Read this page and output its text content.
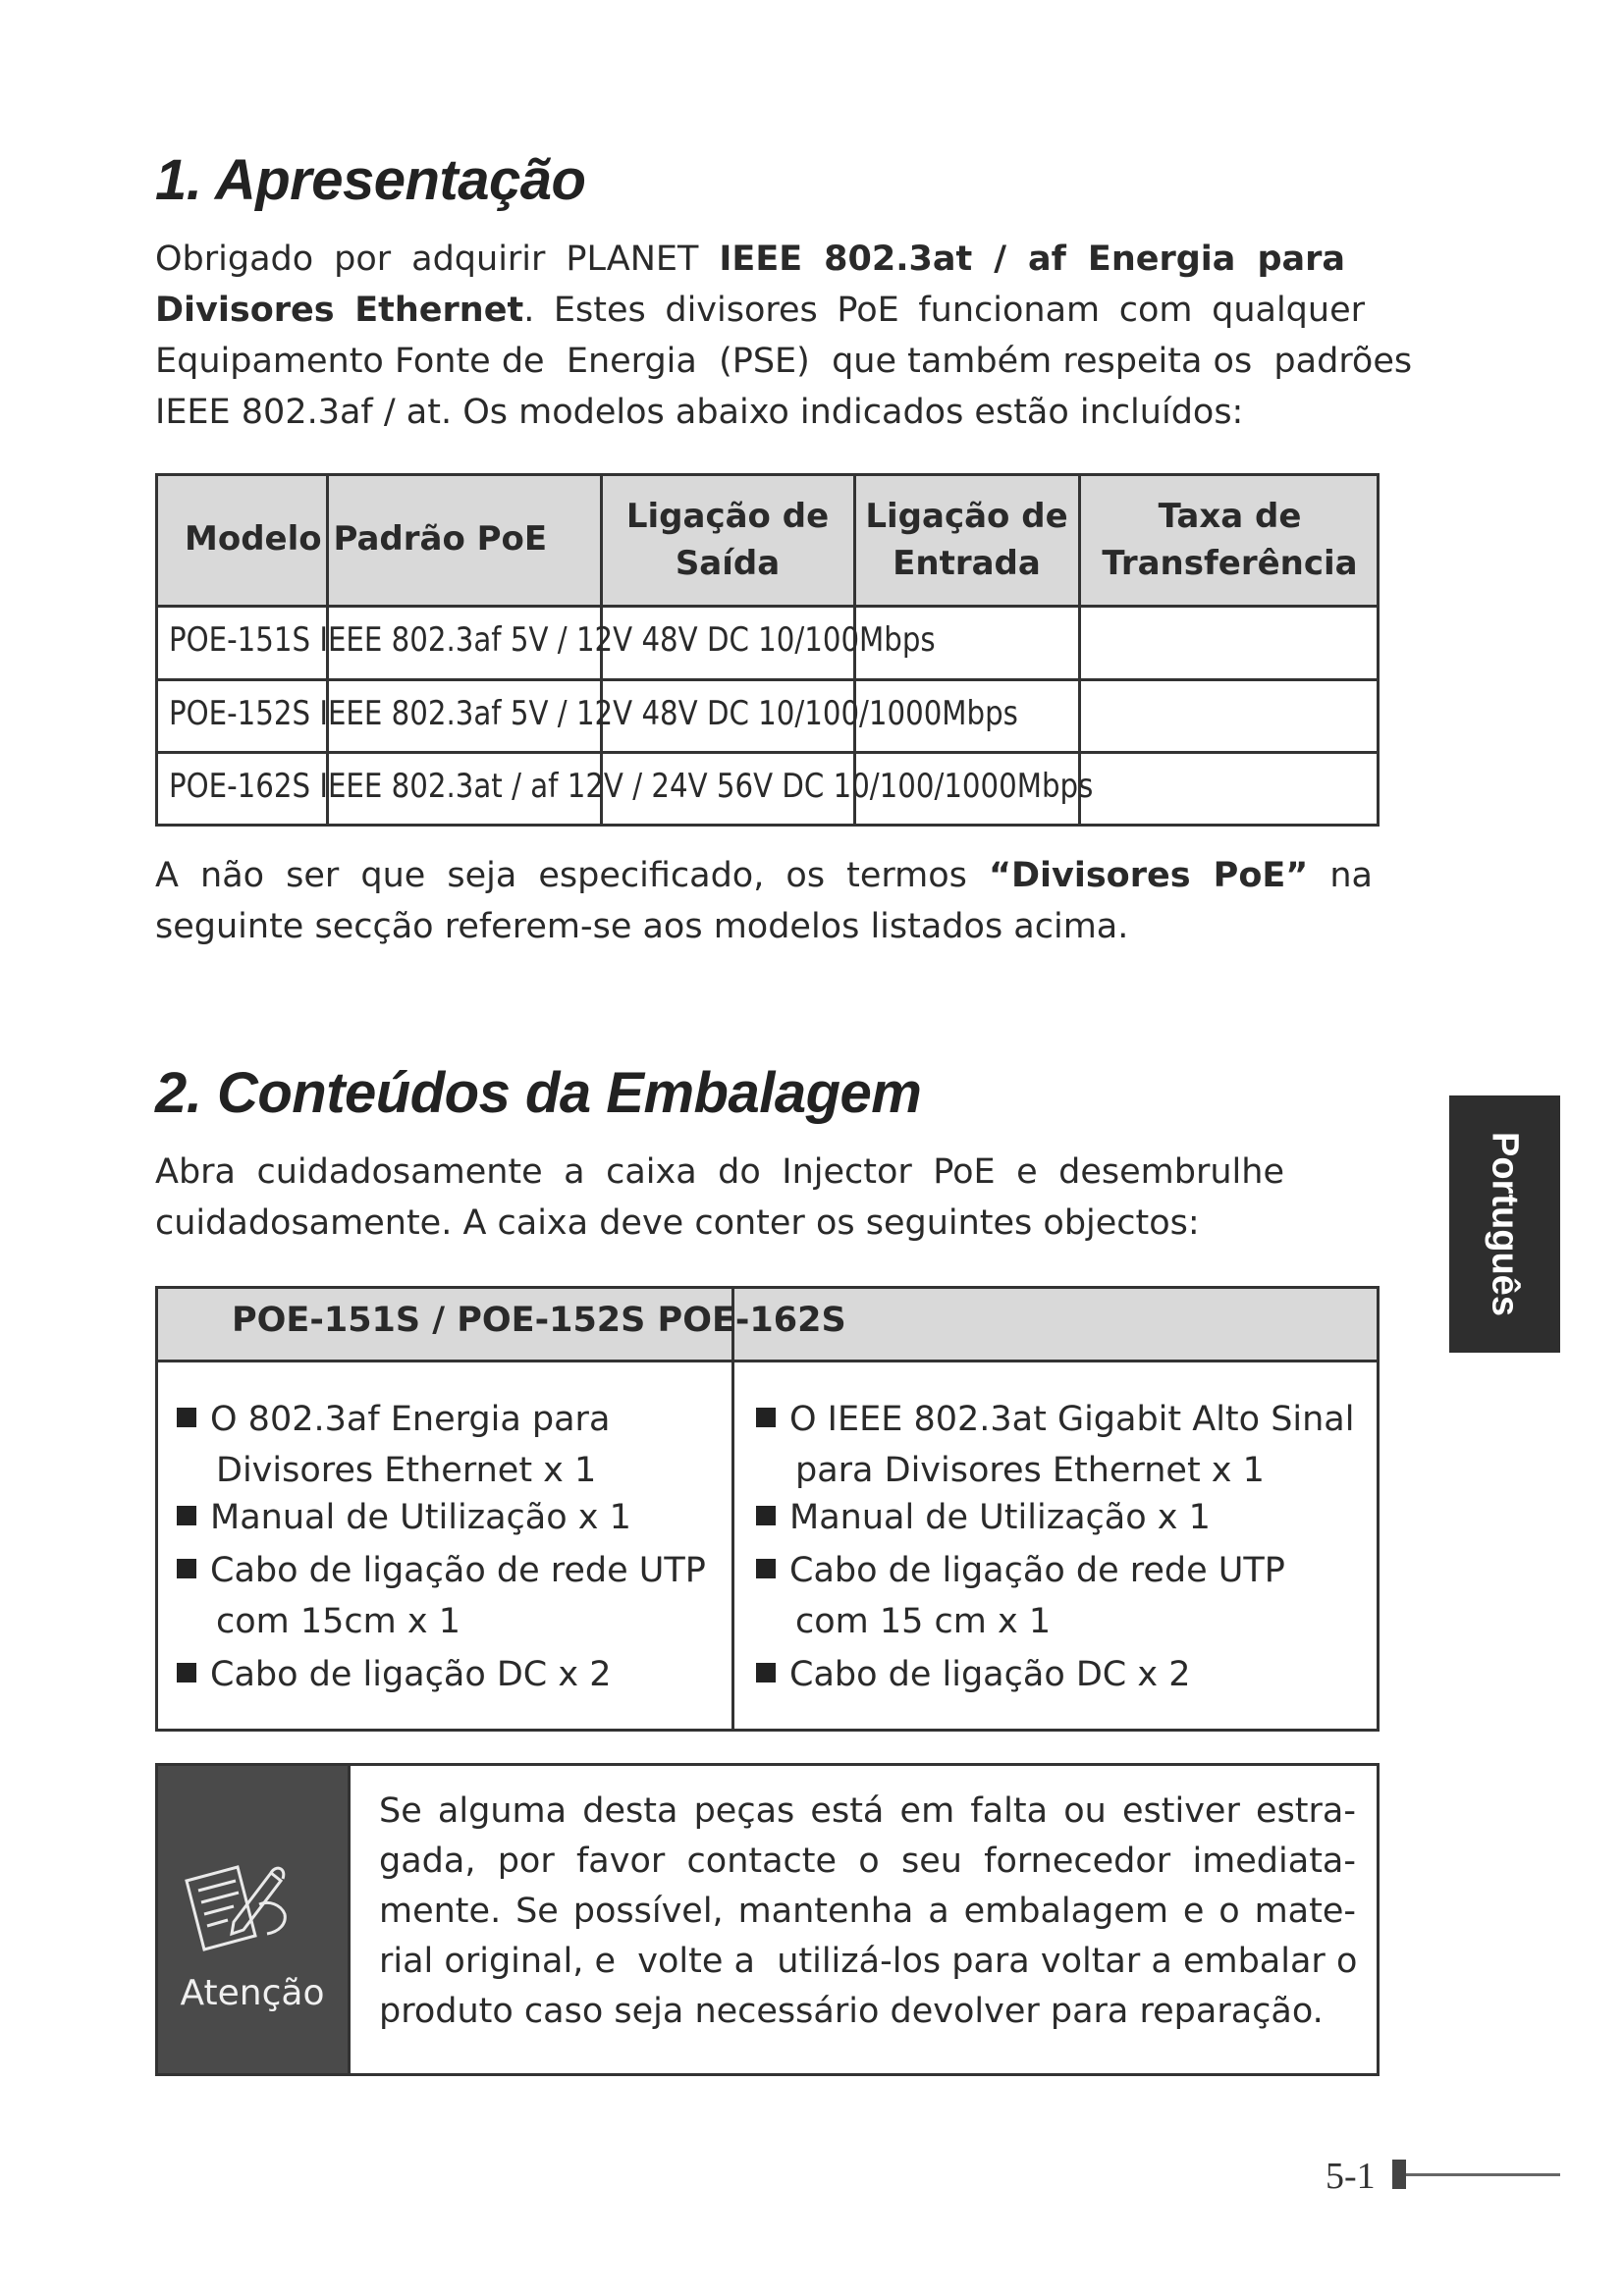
1. Apresentação
Obrigado por adquirir PLANET IEEE 802.3at / af Energia para
Divisores Ethernet. Estes divisores PoE funcionam com qualquer
Equipamento Fonte de  Energia  (PSE)  que também respeita os  padrões
IEEE 802.3af / at. Os modelos abaixo indicados estão incluídos:
Modelo Padrão PoE
Ligação de
Saída
Ligação de
Entrada
Taxa de
Transferência
POE-151S IEEE 802.3af 5V / 12V 48V DC 10/100Mbps
POE-152S IEEE 802.3af 5V / 12V 48V DC 10/100/1000Mbps
POE-162S IEEE 802.3at / af 12V / 24V 56V DC 10/100/1000Mbps
A não ser que seja especificado, os termos “Divisores PoE” na
seguinte secção referem-se aos modelos listados acima.
2. Conteúdos da Embalagem
Abra cuidadosamente a caixa do Injector PoE e desembrulhe
cuidadosamente. A caixa deve conter os seguintes objectos:
POE-151S / POE-152S POE-162S
O 802.3af Energia para
Divisores Ethernet x 1
Manual de Utilização x 1
Cabo de ligação de rede UTP
com 15cm x 1
Cabo de ligação DC x 2
O IEEE 802.3at Gigabit Alto Sinal
para Divisores Ethernet x 1
Manual de Utilização x 1
Cabo de ligação de rede UTP
com 15 cm x 1
Cabo de ligação DC x 2
Atenção
Se alguma desta peças está em falta ou estiver estra-
gada, por favor contacte o seu fornecedor imediata-
mente. Se possível, mantenha a embalagem e o mate-
rial original, e  volte a  utilizá-los para voltar a embalar o
produto caso seja necessário devolver para reparação.
Português
5-1
